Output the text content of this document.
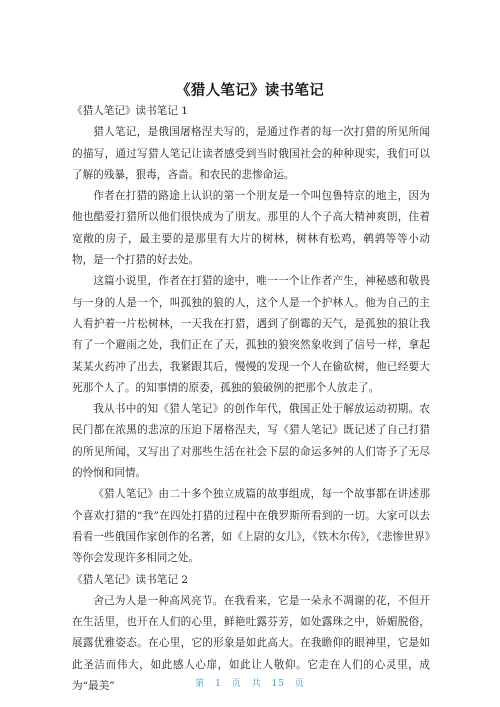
《猎人笔记》读书笔记

《猎人笔记》读书笔记 1

猎人笔记，是俄国屠格涅夫写的，是通过作者的每一次打猎的所见所闻的描写，通过写猎人笔记让读者感受到当时俄国社会的种种现实，我们可以了解的残暴，狠毒，吝啬。和农民的悲惨命运。

作者在打猎的路途上认识的第一个朋友是一个叫包鲁特京的地主，因为他也酷爱打猎所以他们很快成为了朋友。那里的人个子高大精神爽朗，住着宽敞的房子，最主要的是那里有大片的树林，树林有松鸡，鹌鹑等等小动物，是一个打猎的好去处。

这篇小说里，作者在打猎的途中，唯一一个让作者产生，神秘感和敬畏与一身的人是一个，叫孤独的狼的人，这个人是一个护林人。他为自己的主人看护着一片松树林，一天我在打猎，遇到了倒霉的天气，是孤独的狼让我有了一个避雨之处，我们正在了天，孤独的狼突然象收到了信号一样，拿起某某火药冲了出去，我紧跟其后，慢慢的发现一个人在偷砍树，他已经要大死那个人了。的知事情的原委，孤独的狼破例的把那个人放走了。

我从书中的知《猎人笔记》的创作年代，俄国正处于解放运动初期。农民门都在浓黑的悲凉的压迫下屠格涅夫，写《猎人笔记》既记述了自己打猎的所见所闻，又写出了对那些生活在社会下层的命运多舛的人们寄予了无尽的怜悯和同情。

《猎人笔记》由二十多个独立成篇的故事组成，每一个故事都在讲述那个喜欢打猎的“我”在四处打猎的过程中在俄罗斯所看到的一切。大家可以去看看一些俄国作家创作的名著，如《上尉的女儿》，《铁木尔传》，《悲惨世界》等你会发现许多相同之处。

《猎人笔记》读书笔记 2

舍己为人是一种高风亮节。在我看来，它是一朵永不凋谢的花，不但开在生活里，也开在人们的心里，鲜艳吐露芬芳，如处露珠之中，娇媚脱俗，展露优雅姿态。在心里，它的形象是如此高大。在我瞻仰的眼神里，它是如此圣洁而伟大，如此感人心扉，如此让人敬仰。它走在人们的心灵里，成为“最美”	第 1 页 共 15 页
